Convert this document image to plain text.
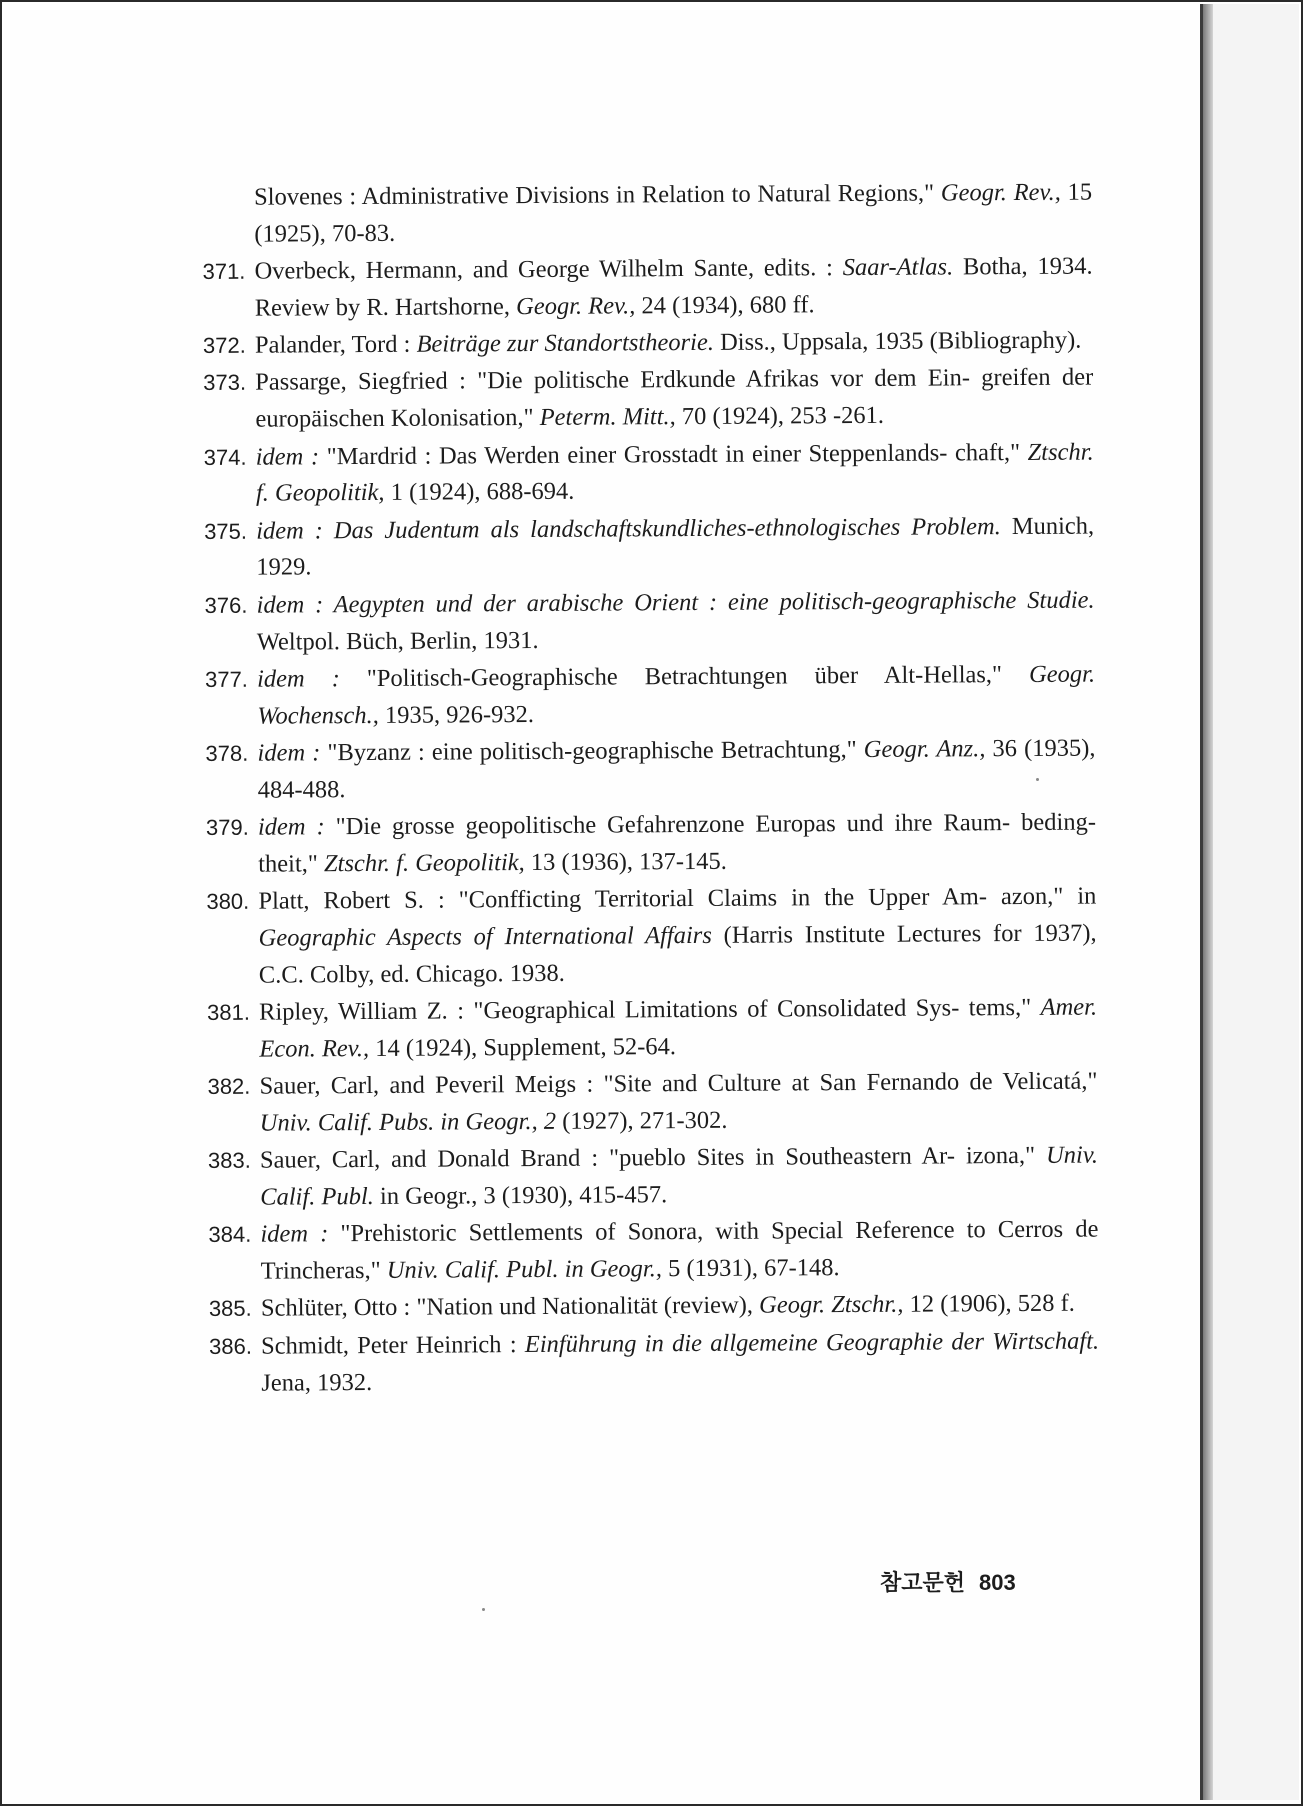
Slovenes : Administrative Divisions in Relation to Natural Regions," Geogr. Rev., 15 (1925), 70-83.
371. Overbeck, Hermann, and George Wilhelm Sante, edits. : Saar-Atlas. Botha, 1934. Review by R. Hartshorne, Geogr. Rev., 24 (1934), 680 ff.
372. Palander, Tord : Beiträge zur Standortstheorie. Diss., Uppsala, 1935 (Bibliography).
373. Passarge, Siegfried : "Die politische Erdkunde Afrikas vor dem Ein- greifen der europäischen Kolonisation," Peterm. Mitt., 70 (1924), 253 -261.
374. idem : "Mardrid : Das Werden einer Grosstadt in einer Steppenlands- chaft," Ztschr. f. Geopolitik, 1 (1924), 688-694.
375. idem : Das Judentum als landschaftskundliches-ethnologisches Problem. Munich, 1929.
376. idem : Aegypten und der arabische Orient : eine politisch-geographische Studie. Weltpol. Büch, Berlin, 1931.
377. idem : "Politisch-Geographische Betrachtungen über Alt-Hellas," Geogr. Wochensch., 1935, 926-932.
378. idem : "Byzanz : eine politisch-geographische Betrachtung," Geogr. Anz., 36 (1935), 484-488.
379. idem : "Die grosse geopolitische Gefahrenzone Europas und ihre Raum- beding-theit," Ztschr. f. Geopolitik, 13 (1936), 137-145.
380. Platt, Robert S. : "Confficting Territorial Claims in the Upper Am- azon," in Geographic Aspects of International Affairs (Harris Institute Lectures for 1937), C.C. Colby, ed. Chicago. 1938.
381. Ripley, William Z. : "Geographical Limitations of Consolidated Sys- tems," Amer. Econ. Rev., 14 (1924), Supplement, 52-64.
382. Sauer, Carl, and Peveril Meigs : "Site and Culture at San Fernando de Velicatá," Univ. Calif. Pubs. in Geogr., 2 (1927), 271-302.
383. Sauer, Carl, and Donald Brand : "pueblo Sites in Southeastern Ar- izona," Univ. Calif. Publ. in Geogr., 3 (1930), 415-457.
384. idem : "Prehistoric Settlements of Sonora, with Special Reference to Cerros de Trincheras," Univ. Calif. Publ. in Geogr., 5 (1931), 67-148.
385. Schlüter, Otto : "Nation und Nationalität (review), Geogr. Ztschr., 12 (1906), 528 f.
386. Schmidt, Peter Heinrich : Einführung in die allgemeine Geographie der Wirtschaft. Jena, 1932.
참고문헌 803
